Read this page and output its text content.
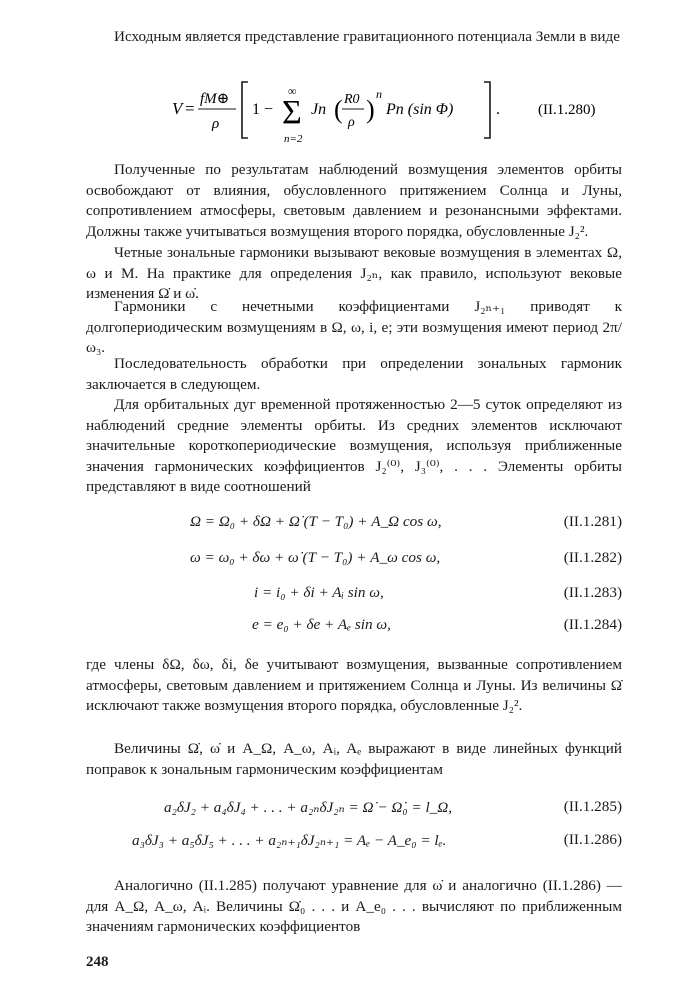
Исходным является представление гравитационного потенциала Земли в виде

V = fM⊕
ρ
1 −
∞
Σ
n=2
Jn ( R0
ρ )
n
Pn (sin Φ)	.	(II.1.280)

Полученные по результатам наблюдений возмущения элементов орбиты освобождают от влияния, обусловленного притяжением Солнца и Луны, сопротивлением атмосферы, световым давлением и резонансными эффектами. Должны также учитываться возмущения второго порядка, обусловленные J₂².

Четные зональные гармоники вызывают вековые возмущения в элементах Ω, ω и M. На практике для определения J₂ₙ, как правило, используют вековые изменения Ω̇ и ω̇.

Гармоники с нечетными коэффициентами J₂ₙ₊₁ приводят к долгопериодическим возмущениям в Ω, ω, i, e; эти возмущения имеют период 2π/ω₃.

Последовательность обработки при определении зональных гармоник заключается в следующем.

Для орбитальных дуг временной протяженностью 2—5 суток определяют из наблюдений средние элементы орбиты. Из средних элементов исключают значительные короткопериодические возмущения, используя приближенные значения гармонических коэффициентов J₂⁽⁰⁾, J₃⁽⁰⁾, . . . Элементы орбиты представляют в виде соотношений

Ω = Ω₀ + δΩ + Ω̇ (T − T₀) + A_Ω cos ω,	(II.1.281)
ω = ω₀ + δω + ω̇ (T − T₀) + A_ω cos ω,	(II.1.282)
i = i₀ + δi + Aᵢ sin ω,	(II.1.283)
e = e₀ + δe + Aₑ sin ω,	(II.1.284)

где члены δΩ, δω, δi, δe учитывают возмущения, вызванные сопротивлением атмосферы, световым давлением и притяжением Солнца и Луны. Из величины Ω̇ исключают также возмущения второго порядка, обусловленные J₂².

Величины Ω̇, ω̇ и A_Ω, A_ω, Aᵢ, Aₑ выражают в виде линейных функций поправок к зональным гармоническим коэффициентам

a₂δJ₂ + a₄δJ₄ + . . . + a₂ₙδJ₂ₙ = Ω̇ − Ω̇₀ = l_Ω,	(II.1.285)
a₃δJ₃ + a₅δJ₅ + . . . + a₂ₙ₊₁δJ₂ₙ₊₁ = Aₑ − A_e₀ = lₑ.	(II.1.286)

Аналогично (II.1.285) получают уравнение для ω̇ и аналогично (II.1.286) — для A_Ω, A_ω, Aᵢ. Величины Ω̇₀ . . . и A_e₀ . . . вычисляют по приближенным значениям гармонических коэффициентов

248
